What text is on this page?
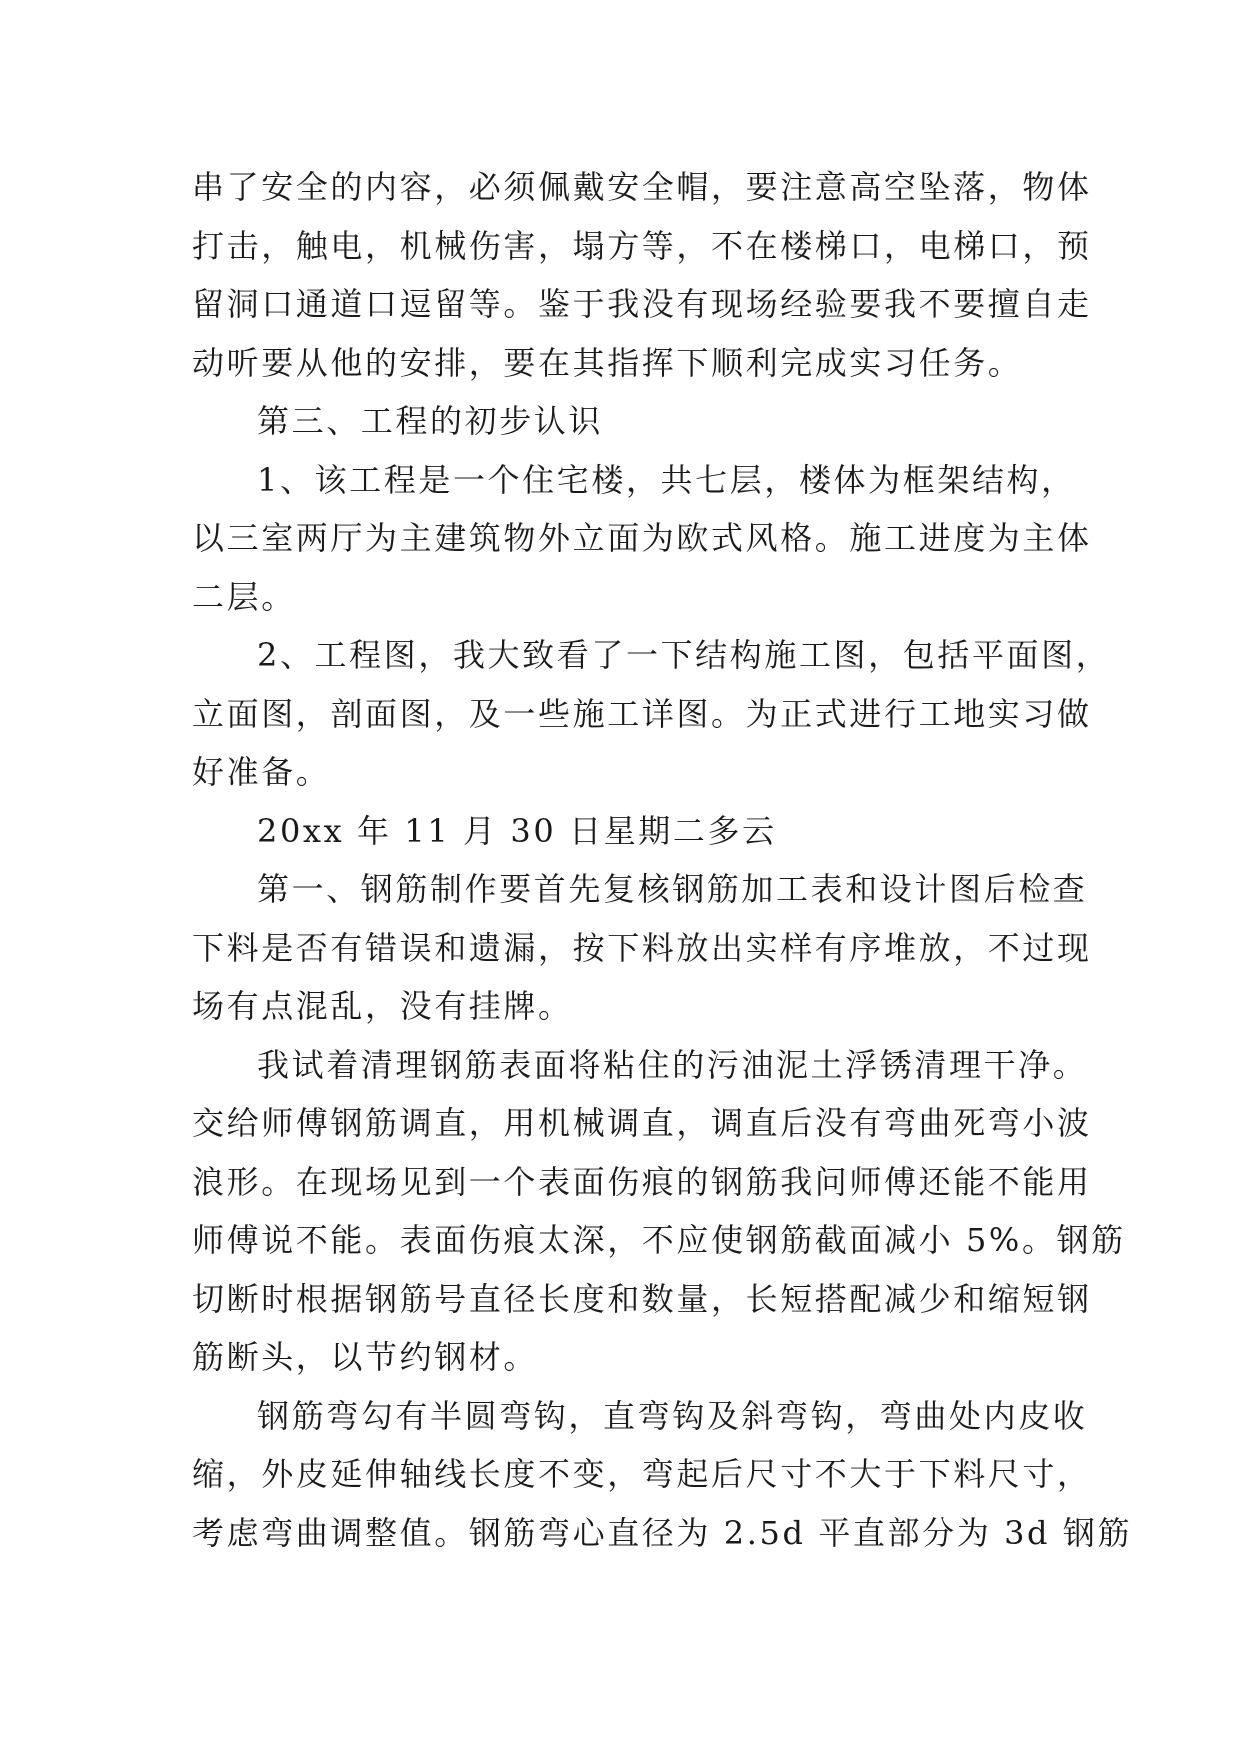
串了安全的内容，必须佩戴安全帽，要注意高空坠落，物体
打击，触电，机械伤害，塌方等，不在楼梯口，电梯口，预
留洞口通道口逗留等。鉴于我没有现场经验要我不要擅自走
动听要从他的安排，要在其指挥下顺利完成实习任务。
第三、工程的初步认识
1、该工程是一个住宅楼，共七层，楼体为框架结构，
以三室两厅为主建筑物外立面为欧式风格。施工进度为主体
二层。
2、工程图，我大致看了一下结构施工图，包括平面图，
立面图，剖面图，及一些施工详图。为正式进行工地实习做
好准备。
20xx 年 11 月 30 日星期二多云
第一、钢筋制作要首先复核钢筋加工表和设计图后检查
下料是否有错误和遗漏，按下料放出实样有序堆放，不过现
场有点混乱，没有挂牌。
我试着清理钢筋表面将粘住的污油泥土浮锈清理干净。
交给师傅钢筋调直，用机械调直，调直后没有弯曲死弯小波
浪形。在现场见到一个表面伤痕的钢筋我问师傅还能不能用
师傅说不能。表面伤痕太深，不应使钢筋截面减小 5%。钢筋
切断时根据钢筋号直径长度和数量，长短搭配减少和缩短钢
筋断头，以节约钢材。
钢筋弯勾有半圆弯钩，直弯钩及斜弯钩，弯曲处内皮收
缩，外皮延伸轴线长度不变，弯起后尺寸不大于下料尺寸，
考虑弯曲调整值。钢筋弯心直径为 2.5d 平直部分为 3d 钢筋
